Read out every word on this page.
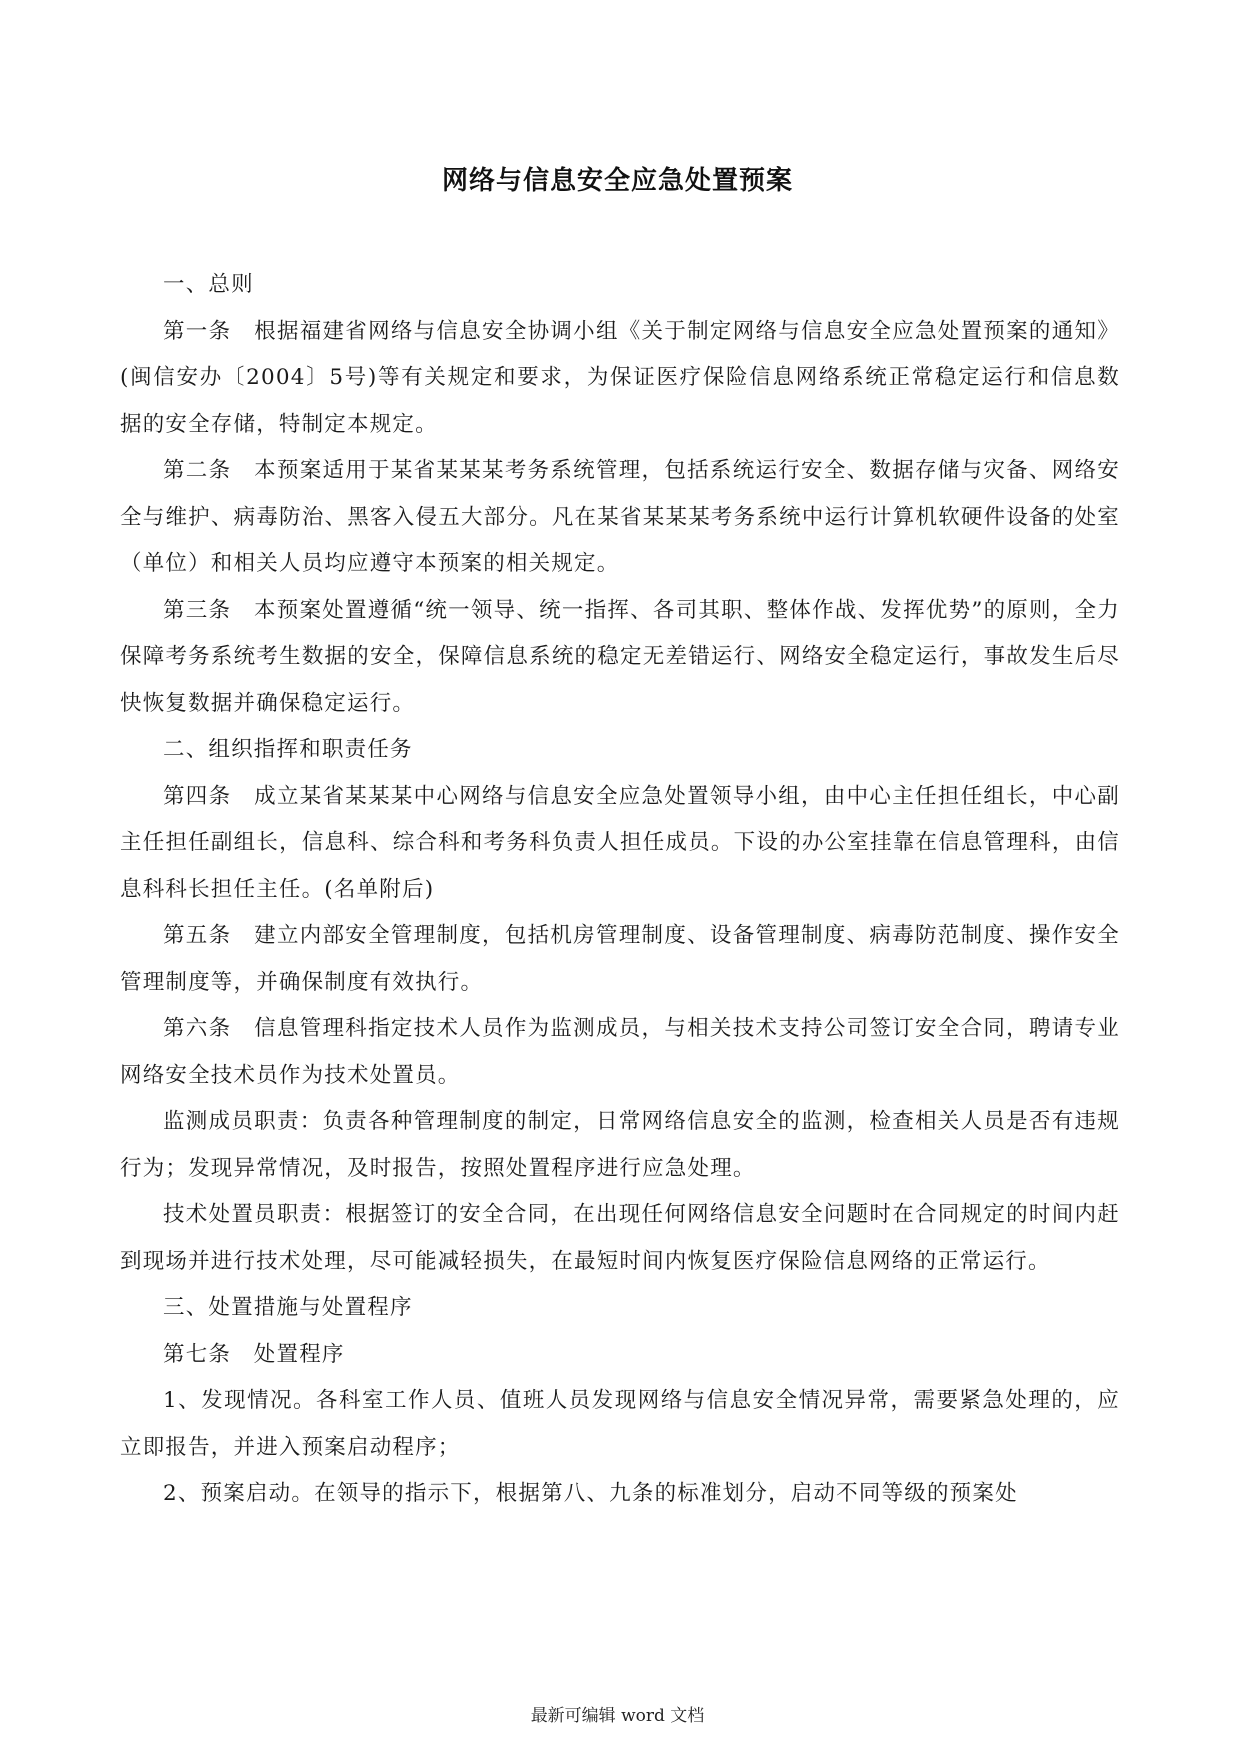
网络与信息安全应急处置预案

一、总则

第一条　根据福建省网络与信息安全协调小组《关于制定网络与信息安全应急处置预案的通知》(闽信安办〔2004〕5号)等有关规定和要求，为保证医疗保险信息网络系统正常稳定运行和信息数据的安全存储，特制定本规定。

第二条　本预案适用于某省某某某考务系统管理，包括系统运行安全、数据存储与灾备、网络安全与维护、病毒防治、黑客入侵五大部分。凡在某省某某某考务系统中运行计算机软硬件设备的处室（单位）和相关人员均应遵守本预案的相关规定。

第三条　本预案处置遵循“统一领导、统一指挥、各司其职、整体作战、发挥优势”的原则，全力保障考务系统考生数据的安全，保障信息系统的稳定无差错运行、网络安全稳定运行，事故发生后尽快恢复数据并确保稳定运行。

二、组织指挥和职责任务

第四条　成立某省某某某中心网络与信息安全应急处置领导小组，由中心主任担任组长，中心副主任担任副组长，信息科、综合科和考务科负责人担任成员。下设的办公室挂靠在信息管理科，由信息科科长担任主任。(名单附后)

第五条　建立内部安全管理制度，包括机房管理制度、设备管理制度、病毒防范制度、操作安全管理制度等，并确保制度有效执行。

第六条　信息管理科指定技术人员作为监测成员，与相关技术支持公司签订安全合同，聘请专业网络安全技术员作为技术处置员。

监测成员职责：负责各种管理制度的制定，日常网络信息安全的监测，检查相关人员是否有违规行为；发现异常情况，及时报告，按照处置程序进行应急处理。

技术处置员职责：根据签订的安全合同，在出现任何网络信息安全问题时在合同规定的时间内赶到现场并进行技术处理，尽可能减轻损失，在最短时间内恢复医疗保险信息网络的正常运行。

三、处置措施与处置程序

第七条　处置程序

1、发现情况。各科室工作人员、值班人员发现网络与信息安全情况异常，需要紧急处理的，应立即报告，并进入预案启动程序；

2、预案启动。在领导的指示下，根据第八、九条的标准划分，启动不同等级的预案处

最新可编辑 word 文档
